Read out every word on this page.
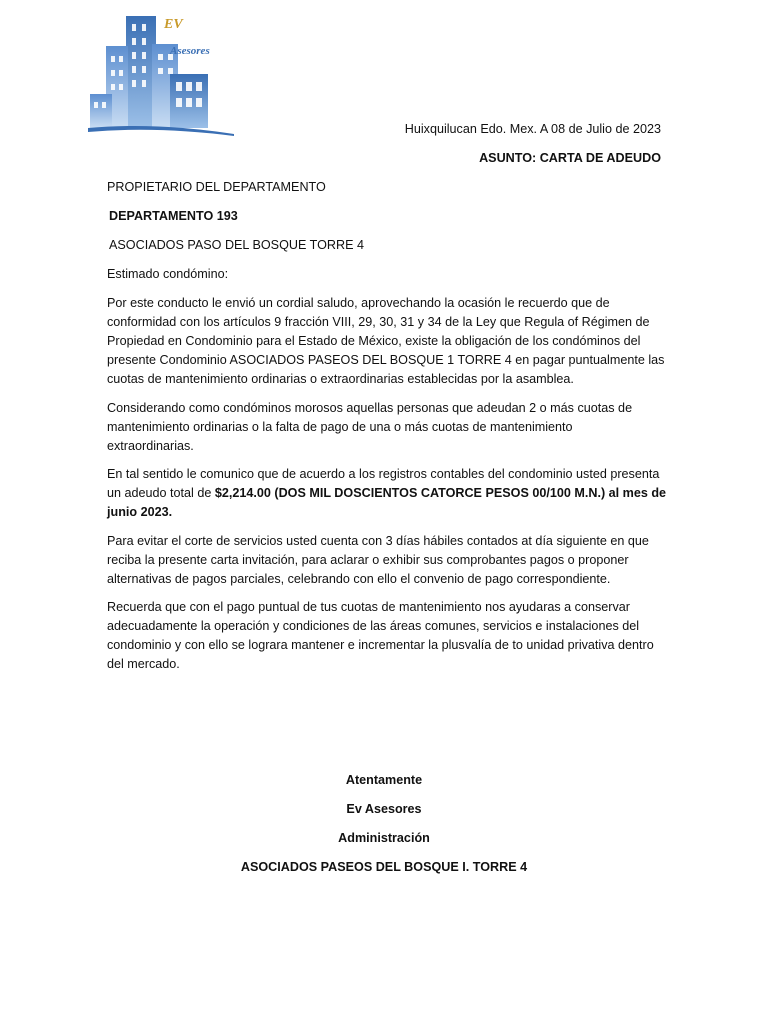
EV
Asesores
Huixquilucan Edo. Mex. A 08 de Julio de 2023
ASUNTO: CARTA DE ADEUDO
PROPIETARIO DEL DEPARTAMENTO
DEPARTAMENTO 193
ASOCIADOS PASO DEL BOSQUE TORRE 4
Estimado condómino:
Por este conducto le envió un cordial saludo, aprovechando la ocasión le recuerdo que de
conformidad con los artículos 9 fracción VIII, 29, 30, 31 y 34 de la Ley que Regula of Régimen de
Propiedad en Condominio para el Estado de México, existe la obligación de los condóminos del
presente Condominio ASOCIADOS PASEOS DEL BOSQUE 1 TORRE 4 en pagar puntualmente las
cuotas de mantenimiento ordinarias o extraordinarias establecidas por la asamblea.
Considerando como condóminos morosos aquellas personas que adeudan 2 o más cuotas de
mantenimiento ordinarias o la falta de pago de una o más cuotas de mantenimiento
extraordinarias.
En tal sentido le comunico que de acuerdo a los registros contables del condominio usted presenta
un adeudo total de $2,214.00 (DOS MIL DOSCIENTOS CATORCE PESOS 00/100 M.N.) al mes de
junio 2023.
Para evitar el corte de servicios usted cuenta con 3 días hábiles contados at día siguiente en que
reciba la presente carta invitación, para aclarar o exhibir sus comprobantes pagos o proponer
alternativas de pagos parciales, celebrando con ello el convenio de pago correspondiente.
Recuerda que con el pago puntual de tus cuotas de mantenimiento nos ayudaras a conservar
adecuadamente la operación y condiciones de las áreas comunes, servicios e instalaciones del
condominio y con ello se lograra mantener e incrementar la plusvalía de to unidad privativa dentro
del mercado.
Atentamente
Ev Asesores
Administración
ASOCIADOS PASEOS DEL BOSQUE I. TORRE 4
